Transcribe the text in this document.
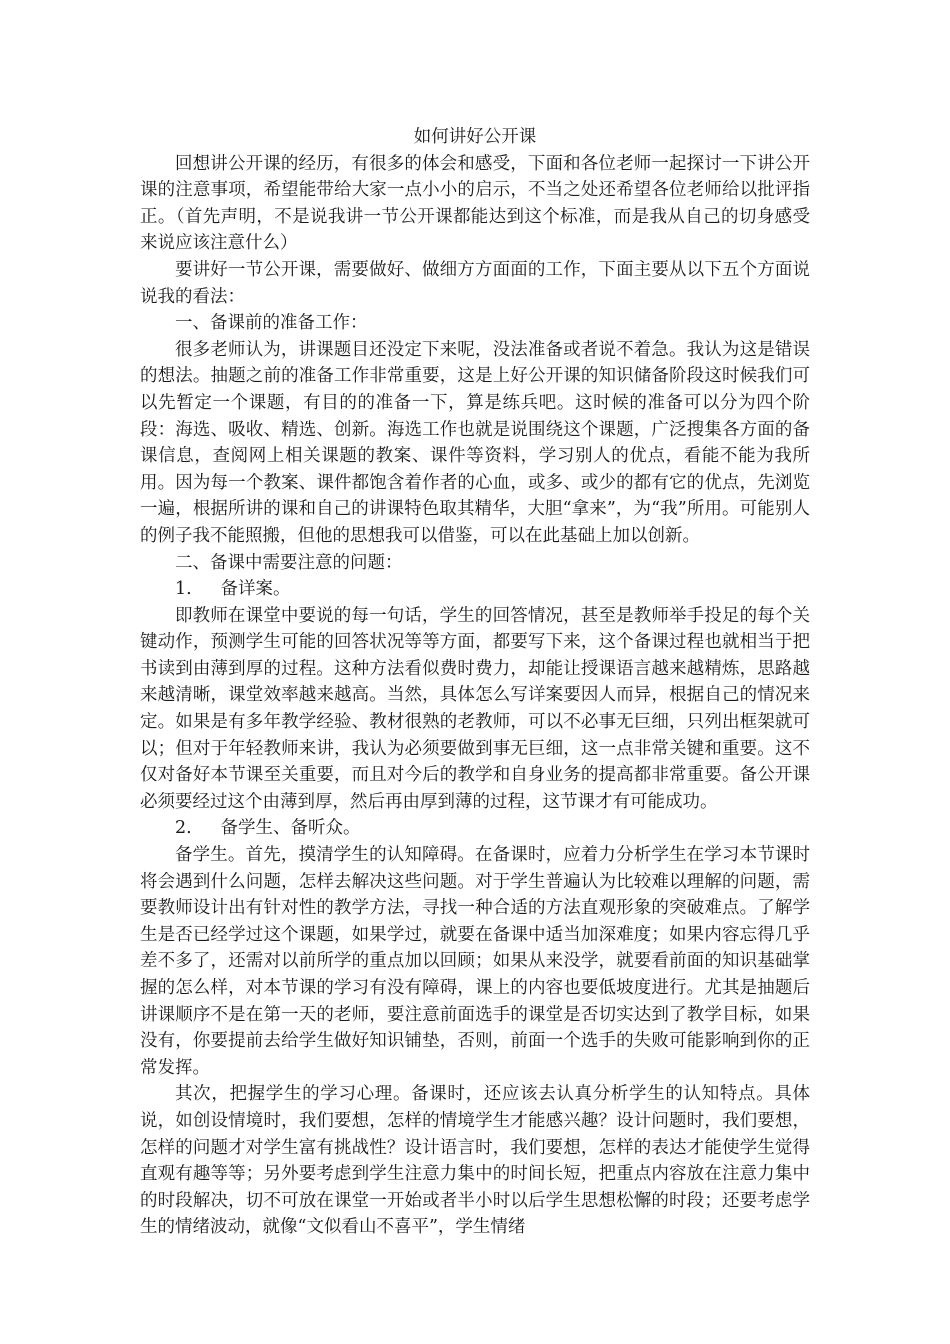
如何讲好公开课

回想讲公开课的经历，有很多的体会和感受，下面和各位老师一起探讨一下讲公开课的注意事项，希望能带给大家一点小小的启示，不当之处还希望各位老师给以批评指正。（首先声明，不是说我讲一节公开课都能达到这个标准，而是我从自己的切身感受来说应该注意什么）

要讲好一节公开课，需要做好、做细方方面面的工作，下面主要从以下五个方面说说我的看法：

一、备课前的准备工作：

很多老师认为，讲课题目还没定下来呢，没法准备或者说不着急。我认为这是错误的想法。抽题之前的准备工作非常重要，这是上好公开课的知识储备阶段这时候我们可以先暂定一个课题，有目的的准备一下，算是练兵吧。这时候的准备可以分为四个阶段：海选、吸收、精选、创新。海选工作也就是说围绕这个课题，广泛搜集各方面的备课信息，查阅网上相关课题的教案、课件等资料，学习别人的优点，看能不能为我所用。因为每一个教案、课件都饱含着作者的心血，或多、或少的都有它的优点，先浏览一遍，根据所讲的课和自己的讲课特色取其精华，大胆“拿来”，为“我”所用。可能别人的例子我不能照搬，但他的思想我可以借鉴，可以在此基础上加以创新。

二、备课中需要注意的问题：

1. 备详案。

即教师在课堂中要说的每一句话，学生的回答情况，甚至是教师举手投足的每个关键动作，预测学生可能的回答状况等等方面，都要写下来，这个备课过程也就相当于把书读到由薄到厚的过程。这种方法看似费时费力，却能让授课语言越来越精炼，思路越来越清晰，课堂效率越来越高。当然，具体怎么写详案要因人而异，根据自己的情况来定。如果是有多年教学经验、教材很熟的老教师，可以不必事无巨细，只列出框架就可以；但对于年轻教师来讲，我认为必须要做到事无巨细，这一点非常关键和重要。这不仅对备好本节课至关重要，而且对今后的教学和自身业务的提高都非常重要。备公开课必须要经过这个由薄到厚，然后再由厚到薄的过程，这节课才有可能成功。

2. 备学生、备听众。

备学生。首先，摸清学生的认知障碍。在备课时，应着力分析学生在学习本节课时将会遇到什么问题，怎样去解决这些问题。对于学生普遍认为比较难以理解的问题，需要教师设计出有针对性的教学方法，寻找一种合适的方法直观形象的突破难点。了解学生是否已经学过这个课题，如果学过，就要在备课中适当加深难度；如果内容忘得几乎差不多了，还需对以前所学的重点加以回顾；如果从来没学，就要看前面的知识基础掌握的怎么样，对本节课的学习有没有障碍，课上的内容也要低坡度进行。尤其是抽题后讲课顺序不是在第一天的老师，要注意前面选手的课堂是否切实达到了教学目标，如果没有，你要提前去给学生做好知识铺垫，否则，前面一个选手的失败可能影响到你的正常发挥。

其次，把握学生的学习心理。备课时，还应该去认真分析学生的认知特点。具体说，如创设情境时，我们要想，怎样的情境学生才能感兴趣？设计问题时，我们要想，怎样的问题才对学生富有挑战性？设计语言时，我们要想，怎样的表达才能使学生觉得直观有趣等等；另外要考虑到学生注意力集中的时间长短，把重点内容放在注意力集中的时段解决，切不可放在课堂一开始或者半小时以后学生思想松懈的时段；还要考虑学生的情绪波动，就像“文似看山不喜平”，学生情绪
